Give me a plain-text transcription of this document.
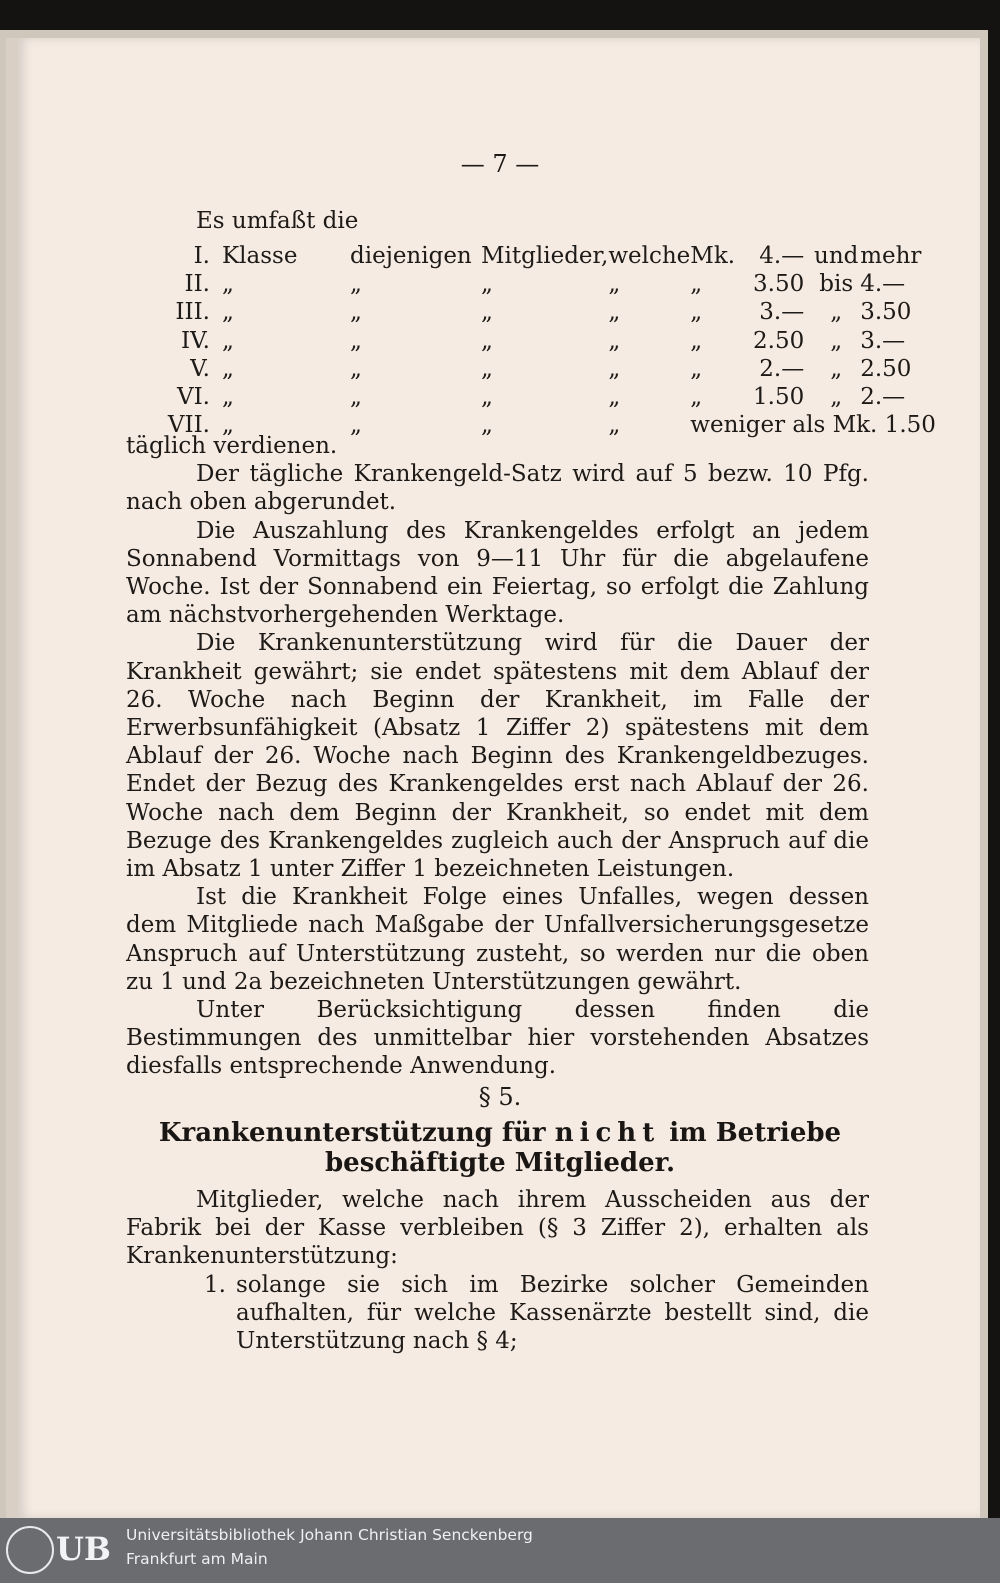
— 7 —
Es umfaßt die
I.	Klasse	diejenigen	Mitglieder,	welche	Mk.	4.—	und	mehr
II.	„	„	„	„	„	3.50	bis	4.—
III.	„	„	„	„	„	3.—	„	3.50
IV.	„	„	„	„	„	2.50	„	3.—
V.	„	„	„	„	„	2.—	„	2.50
VI.	„	„	„	„	„	1.50	„	2.—
VII.	„	„	„	„	weniger als Mk. 1.50			

täglich verdienen.

Der tägliche Krankengeld-Satz wird auf 5 bezw. 10 Pfg. nach oben abgerundet.

Die Auszahlung des Krankengeldes erfolgt an jedem Sonnabend Vormittags von 9—11 Uhr für die abgelaufene Woche. Ist der Sonnabend ein Feiertag, so erfolgt die Zahlung am nächstvorhergehenden Werktage.

Die Krankenunterstützung wird für die Dauer der Krankheit gewährt; sie endet spätestens mit dem Ablauf der 26. Woche nach Beginn der Krankheit, im Falle der Erwerbsunfähigkeit (Absatz 1 Ziffer 2) spätestens mit dem Ablauf der 26. Woche nach Beginn des Krankengeldbezuges. Endet der Bezug des Krankengeldes erst nach Ablauf der 26. Woche nach dem Beginn der Krankheit, so endet mit dem Bezuge des Krankengeldes zugleich auch der Anspruch auf die im Absatz 1 unter Ziffer 1 bezeichneten Leistungen.

Ist die Krankheit Folge eines Unfalles, wegen dessen dem Mitgliede nach Maßgabe der Unfallversicherungsgesetze Anspruch auf Unterstützung zusteht, so werden nur die oben zu 1 und 2a bezeichneten Unterstützungen gewährt.

Unter Berücksichtigung dessen finden die Bestimmungen des unmittelbar hier vorstehenden Absatzes diesfalls entsprechende Anwendung.

§ 5.
Krankenunterstützung für nicht im Betriebe
beschäftigte Mitglieder.

Mitglieder, welche nach ihrem Ausscheiden aus der Fabrik bei der Kasse verbleiben (§ 3 Ziffer 2), erhalten als Krankenunterstützung:

1. solange sie sich im Bezirke solcher Gemeinden aufhalten, für welche Kassenärzte bestellt sind, die Unterstützung nach § 4;
UB Universitätsbibliothek Johann Christian Senckenberg
Frankfurt am Main
